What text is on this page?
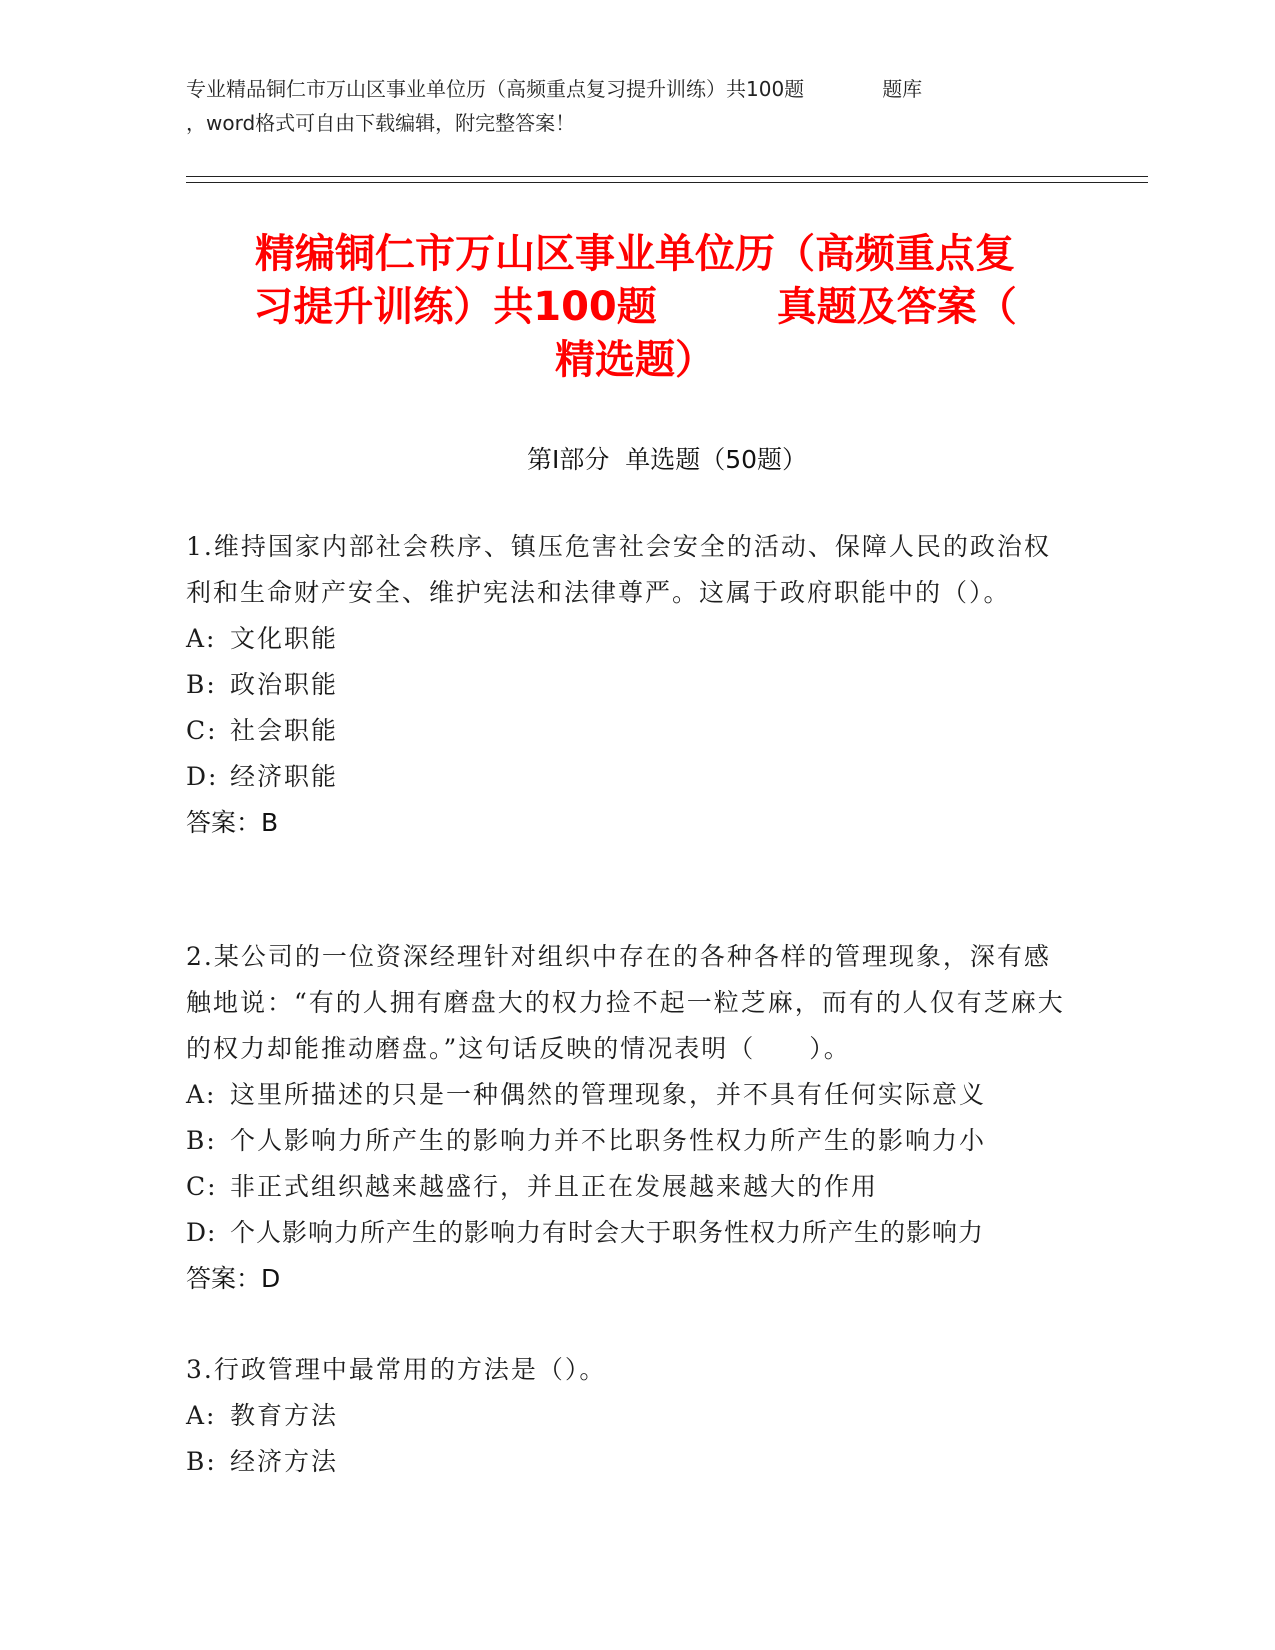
专业精品铜仁市万山区事业单位历（高频重点复习提升训练）共100题	题库
，word格式可自由下载编辑，附完整答案！
精编铜仁市万山区事业单位历（高频重点复
习提升训练）共100题　　　真题及答案（
精选题）
第Ⅰ部分  单选题（50题）
1.维持国家内部社会秩序、镇压危害社会安全的活动、保障人民的政治权利和生命财产安全、维护宪法和法律尊严。这属于政府职能中的（）。
A: 文化职能
B: 政治职能
C: 社会职能
D: 经济职能
答案：B
2.某公司的一位资深经理针对组织中存在的各种各样的管理现象，深有感触地说：“有的人拥有磨盘大的权力捡不起一粒芝麻，而有的人仅有芝麻大的权力却能推动磨盘。”这句话反映的情况表明（　　）。
A: 这里所描述的只是一种偶然的管理现象，并不具有任何实际意义
B: 个人影响力所产生的影响力并不比职务性权力所产生的影响力小
C: 非正式组织越来越盛行，并且正在发展越来越大的作用
D: 个人影响力所产生的影响力有时会大于职务性权力所产生的影响力
答案：D
3.行政管理中最常用的方法是（）。
A: 教育方法
B: 经济方法
